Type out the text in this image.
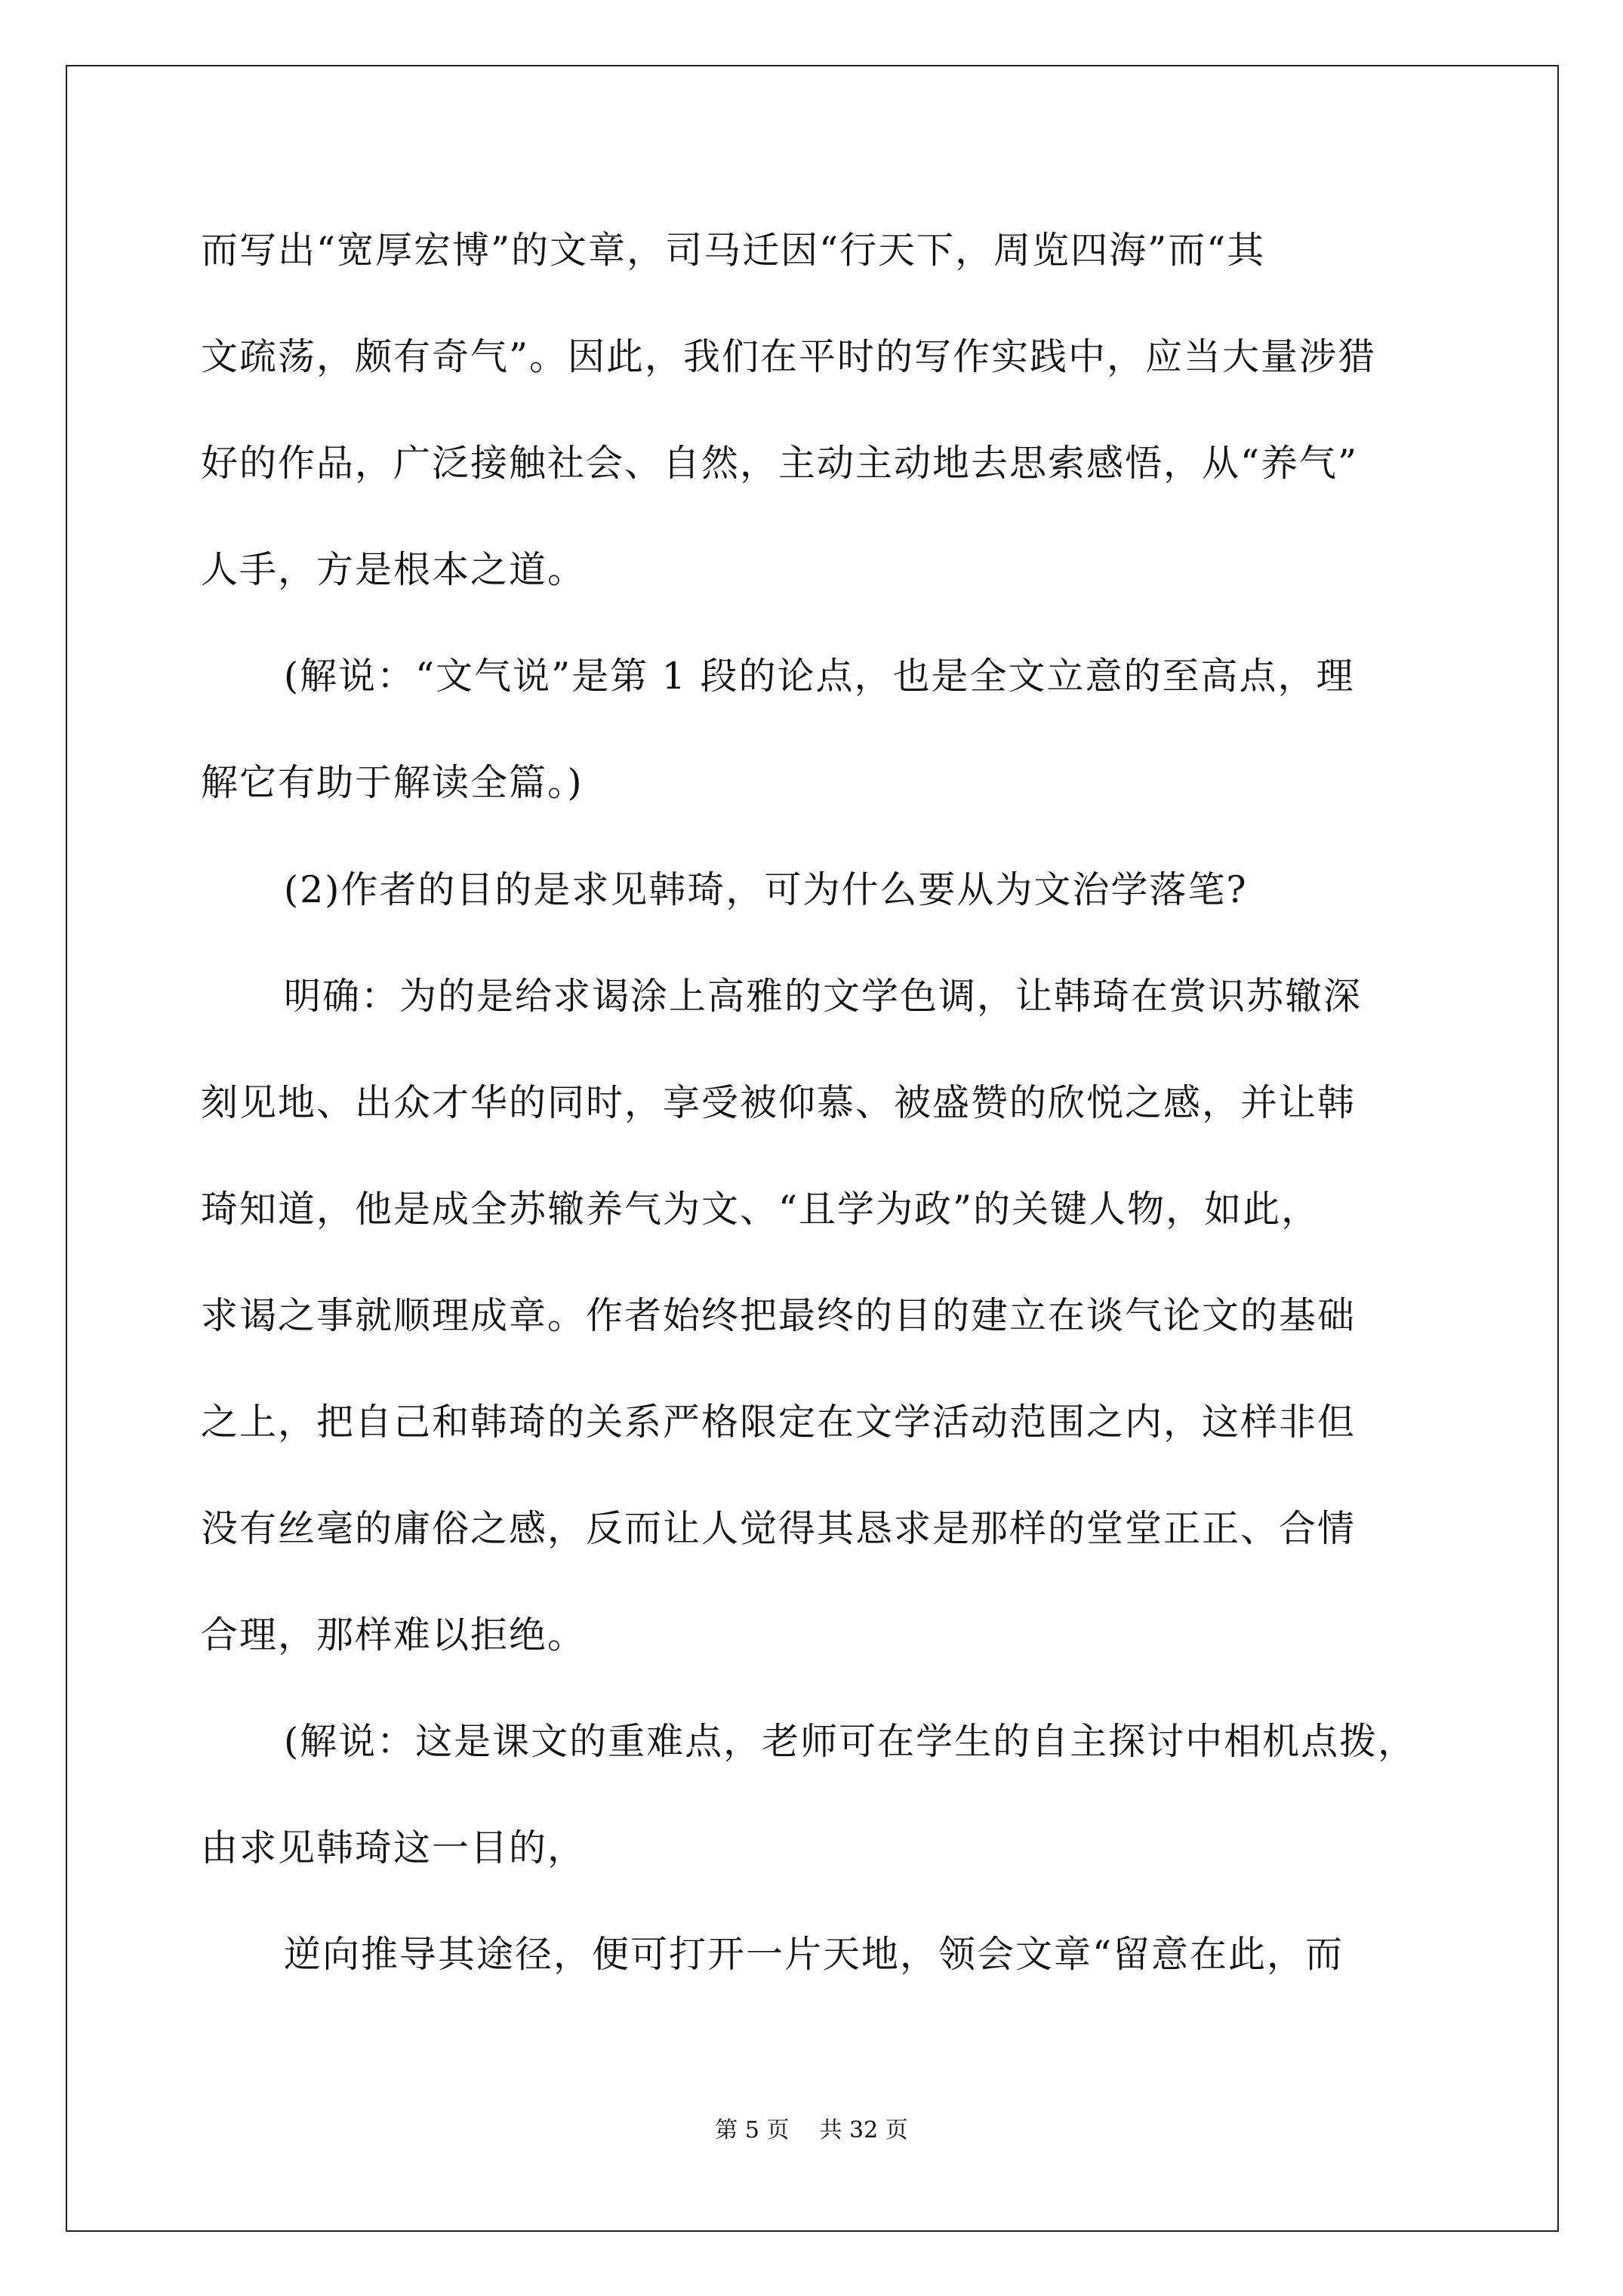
而写出“宽厚宏博”的文章，司马迁因“行天下，周览四海”而“其
文疏荡，颇有奇气”。因此，我们在平时的写作实践中，应当大量涉猎
好的作品，广泛接触社会、自然，主动主动地去思索感悟，从“养气”
人手，方是根本之道。
(解说：“文气说”是第 1 段的论点，也是全文立意的至高点，理
解它有助于解读全篇。)
(2)作者的目的是求见韩琦，可为什么要从为文治学落笔?
明确：为的是给求谒涂上高雅的文学色调，让韩琦在赏识苏辙深
刻见地、出众才华的同时，享受被仰慕、被盛赞的欣悦之感，并让韩
琦知道，他是成全苏辙养气为文、“且学为政”的关键人物，如此，
求谒之事就顺理成章。作者始终把最终的目的建立在谈气论文的基础
之上，把自己和韩琦的关系严格限定在文学活动范围之内，这样非但
没有丝毫的庸俗之感，反而让人觉得其恳求是那样的堂堂正正、合情
合理，那样难以拒绝。
(解说：这是课文的重难点，老师可在学生的自主探讨中相机点拨，
由求见韩琦这一目的，
逆向推导其途径，便可打开一片天地，领会文章“留意在此，而
第 5 页 共 32 页
